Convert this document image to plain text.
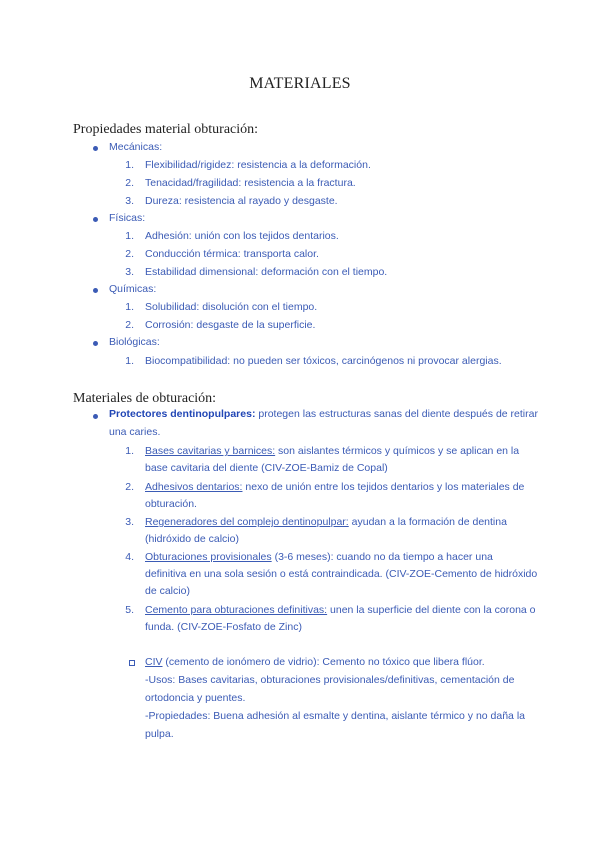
MATERIALES
Propiedades material obturación:
Mecánicas:
1. Flexibilidad/rigidez: resistencia a la deformación.
2. Tenacidad/fragilidad: resistencia a la fractura.
3. Dureza: resistencia al rayado y desgaste.
Físicas:
1. Adhesión: unión con los tejidos dentarios.
2. Conducción térmica: transporta calor.
3. Estabilidad dimensional: deformación con el tiempo.
Químicas:
1. Solubilidad: disolución con el tiempo.
2. Corrosión: desgaste de la superficie.
Biológicas:
1. Biocompatibilidad: no pueden ser tóxicos, carcinógenos ni provocar alergias.
Materiales de obturación:
Protectores dentinopulpares: protegen las estructuras sanas del diente después de retirar
una caries.
1. Bases cavitarias y barnices: son aislantes térmicos y químicos y se aplican en la
base cavitaria del diente (CIV-ZOE-Bamiz de Copal)
2. Adhesivos dentarios: nexo de unión entre los tejidos dentarios y los materiales de
obturación.
3. Regeneradores del complejo dentinopulpar: ayudan a la formación de dentina
(hidróxido de calcio)
4. Obturaciones provisionales (3-6 meses): cuando no da tiempo a hacer una
definitiva en una sola sesión o está contraindicada. (CIV-ZOE-Cemento de hidróxido
de calcio)
5. Cemento para obturaciones definitivas: unen la superficie del diente con la corona o
funda. (CIV-ZOE-Fosfato de Zinc)
CIV (cemento de ionómero de vidrio): Cemento no tóxico que libera flúor.
-Usos: Bases cavitarias, obturaciones provisionales/definitivas, cementación de
ortodoncia y puentes.
-Propiedades: Buena adhesión al esmalte y dentina, aislante térmico y no daña la
pulpa.
